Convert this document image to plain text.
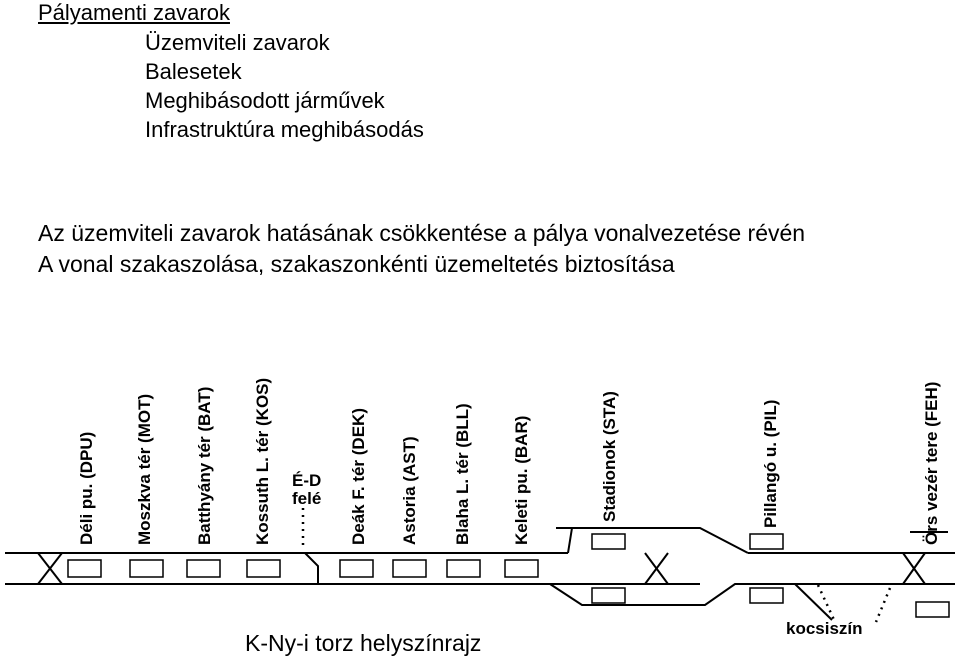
Pályamenti zavarok
Üzemviteli zavarok
Balesetek
Meghibásodott járművek
Infrastruktúra meghibásodás
Az üzemviteli zavarok hatásának csökkentése a pálya vonalvezetése révén
A vonal szakaszolása, szakaszonkénti üzemeltetés biztosítása
Déli pu. (DPU) Moszkva tér (MOT) Batthyány tér (BAT) Kossuth L. tér (KOS)	Deák F. tér (DEK) Astoria (AST) Blaha L. tér (BLL) Keleti pu. (BAR)	Stadionok (STA)	Pillangó u. (PIL)	Örs vezér tere (FEH)
É-D
felé
kocsiszín
K-Ny-i torz helyszínrajz
